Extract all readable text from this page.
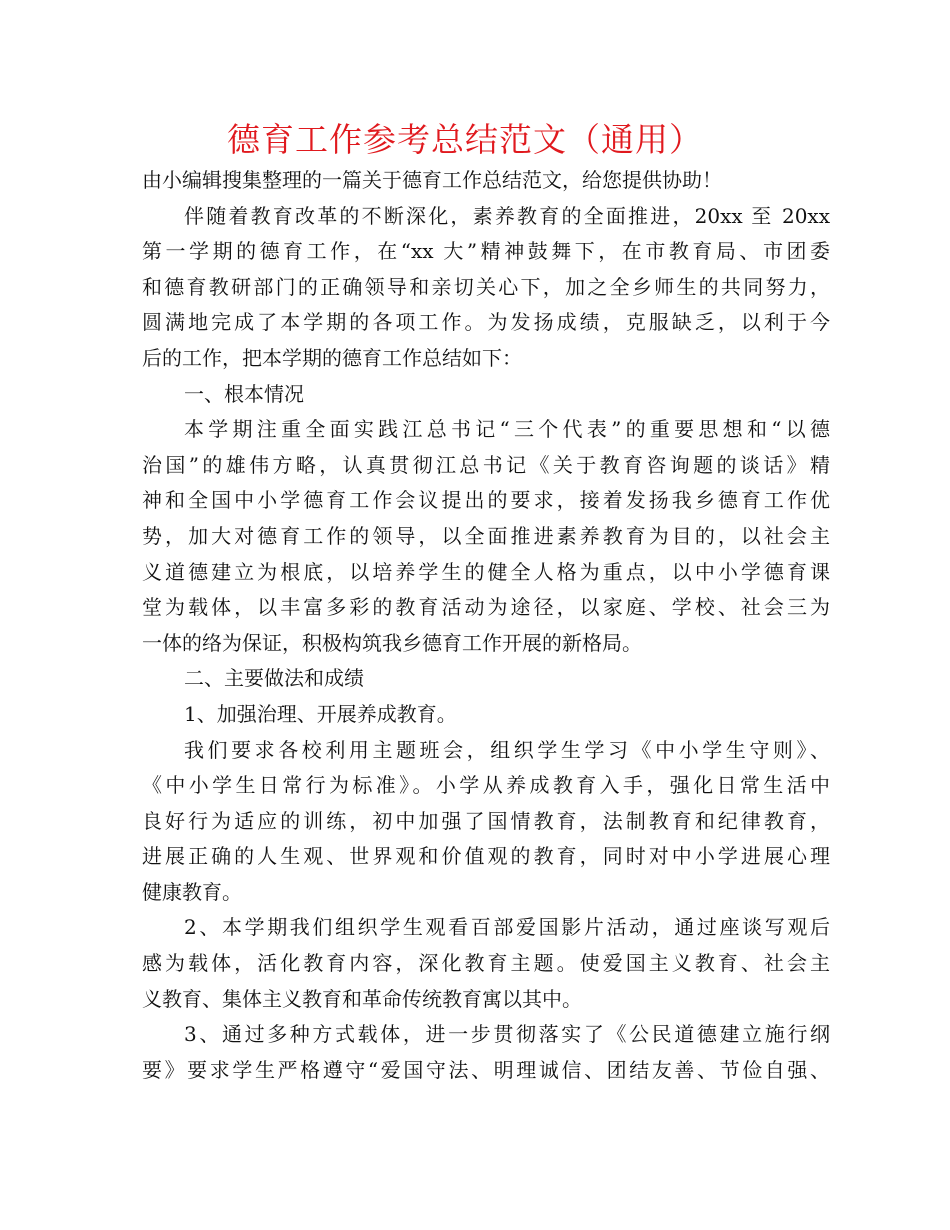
德育工作参考总结范文（通用）
由小编辑搜集整理的一篇关于德育工作总结范文，给您提供协助！
伴随着教育改革的不断深化，素养教育的全面推进，20xx 至 20xx
第一学期的德育工作，在“xx 大”精神鼓舞下，在市教育局、市团委
和德育教研部门的正确领导和亲切关心下，加之全乡师生的共同努力，
圆满地完成了本学期的各项工作。为发扬成绩，克服缺乏，以利于今
后的工作，把本学期的德育工作总结如下：
一、根本情况
本学期注重全面实践江总书记“三个代表”的重要思想和“以德
治国”的雄伟方略，认真贯彻江总书记《关于教育咨询题的谈话》精
神和全国中小学德育工作会议提出的要求，接着发扬我乡德育工作优
势，加大对德育工作的领导，以全面推进素养教育为目的，以社会主
义道德建立为根底，以培养学生的健全人格为重点，以中小学德育课
堂为载体，以丰富多彩的教育活动为途径，以家庭、学校、社会三为
一体的络为保证，积极构筑我乡德育工作开展的新格局。
二、主要做法和成绩
1、加强治理、开展养成教育。
我们要求各校利用主题班会，组织学生学习《中小学生守则》、
《中小学生日常行为标准》。小学从养成教育入手，强化日常生活中
良好行为适应的训练，初中加强了国情教育，法制教育和纪律教育，
进展正确的人生观、世界观和价值观的教育，同时对中小学进展心理
健康教育。
2、本学期我们组织学生观看百部爱国影片活动，通过座谈写观后
感为载体，活化教育内容，深化教育主题。使爱国主义教育、社会主
义教育、集体主义教育和革命传统教育寓以其中。
3、通过多种方式载体，进一步贯彻落实了《公民道德建立施行纲
要》要求学生严格遵守“爱国守法、明理诚信、团结友善、节俭自强、
